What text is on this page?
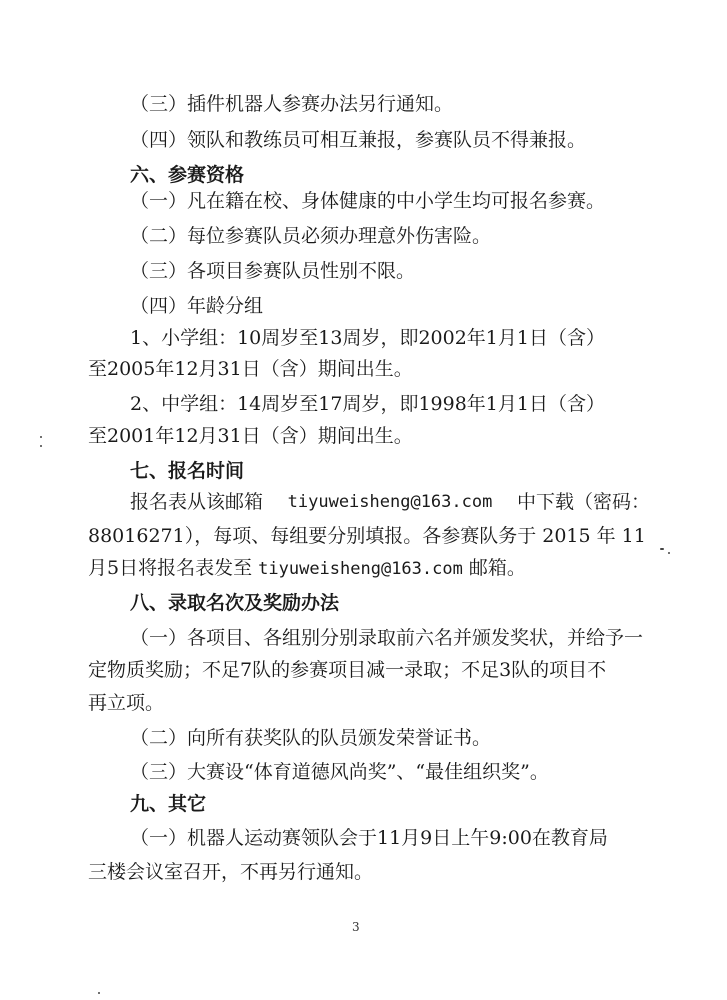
（三）插件机器人参赛办法另行通知。
（四）领队和教练员可相互兼报，参赛队员不得兼报。
六、参赛资格
（一）凡在籍在校、身体健康的中小学生均可报名参赛。
（二）每位参赛队员必须办理意外伤害险。
（三）各项目参赛队员性别不限。
（四）年龄分组
1、小学组：10周岁至13周岁，即2002年1月1日（含）
至2005年12月31日（含）期间出生。
2、中学组：14周岁至17周岁，即1998年1月1日（含）
至2001年12月31日（含）期间出生。
七、报名时间
报名表从该邮箱 tiyuweisheng@163.com 中下载（密码：
88016271），每项、每组要分别填报。各参赛队务于 2015 年 11
月5日将报名表发至 tiyuweisheng@163.com 邮箱。
八、录取名次及奖励办法
（一）各项目、各组别分别录取前六名并颁发奖状，并给予一
定物质奖励；不足7队的参赛项目减一录取；不足3队的项目不
再立项。
（二）向所有获奖队的队员颁发荣誉证书。
（三）大赛设“体育道德风尚奖”、“最佳组织奖”。
九、其它
（一）机器人运动赛领队会于11月9日上午9:00在教育局
三楼会议室召开，不再另行通知。
3
